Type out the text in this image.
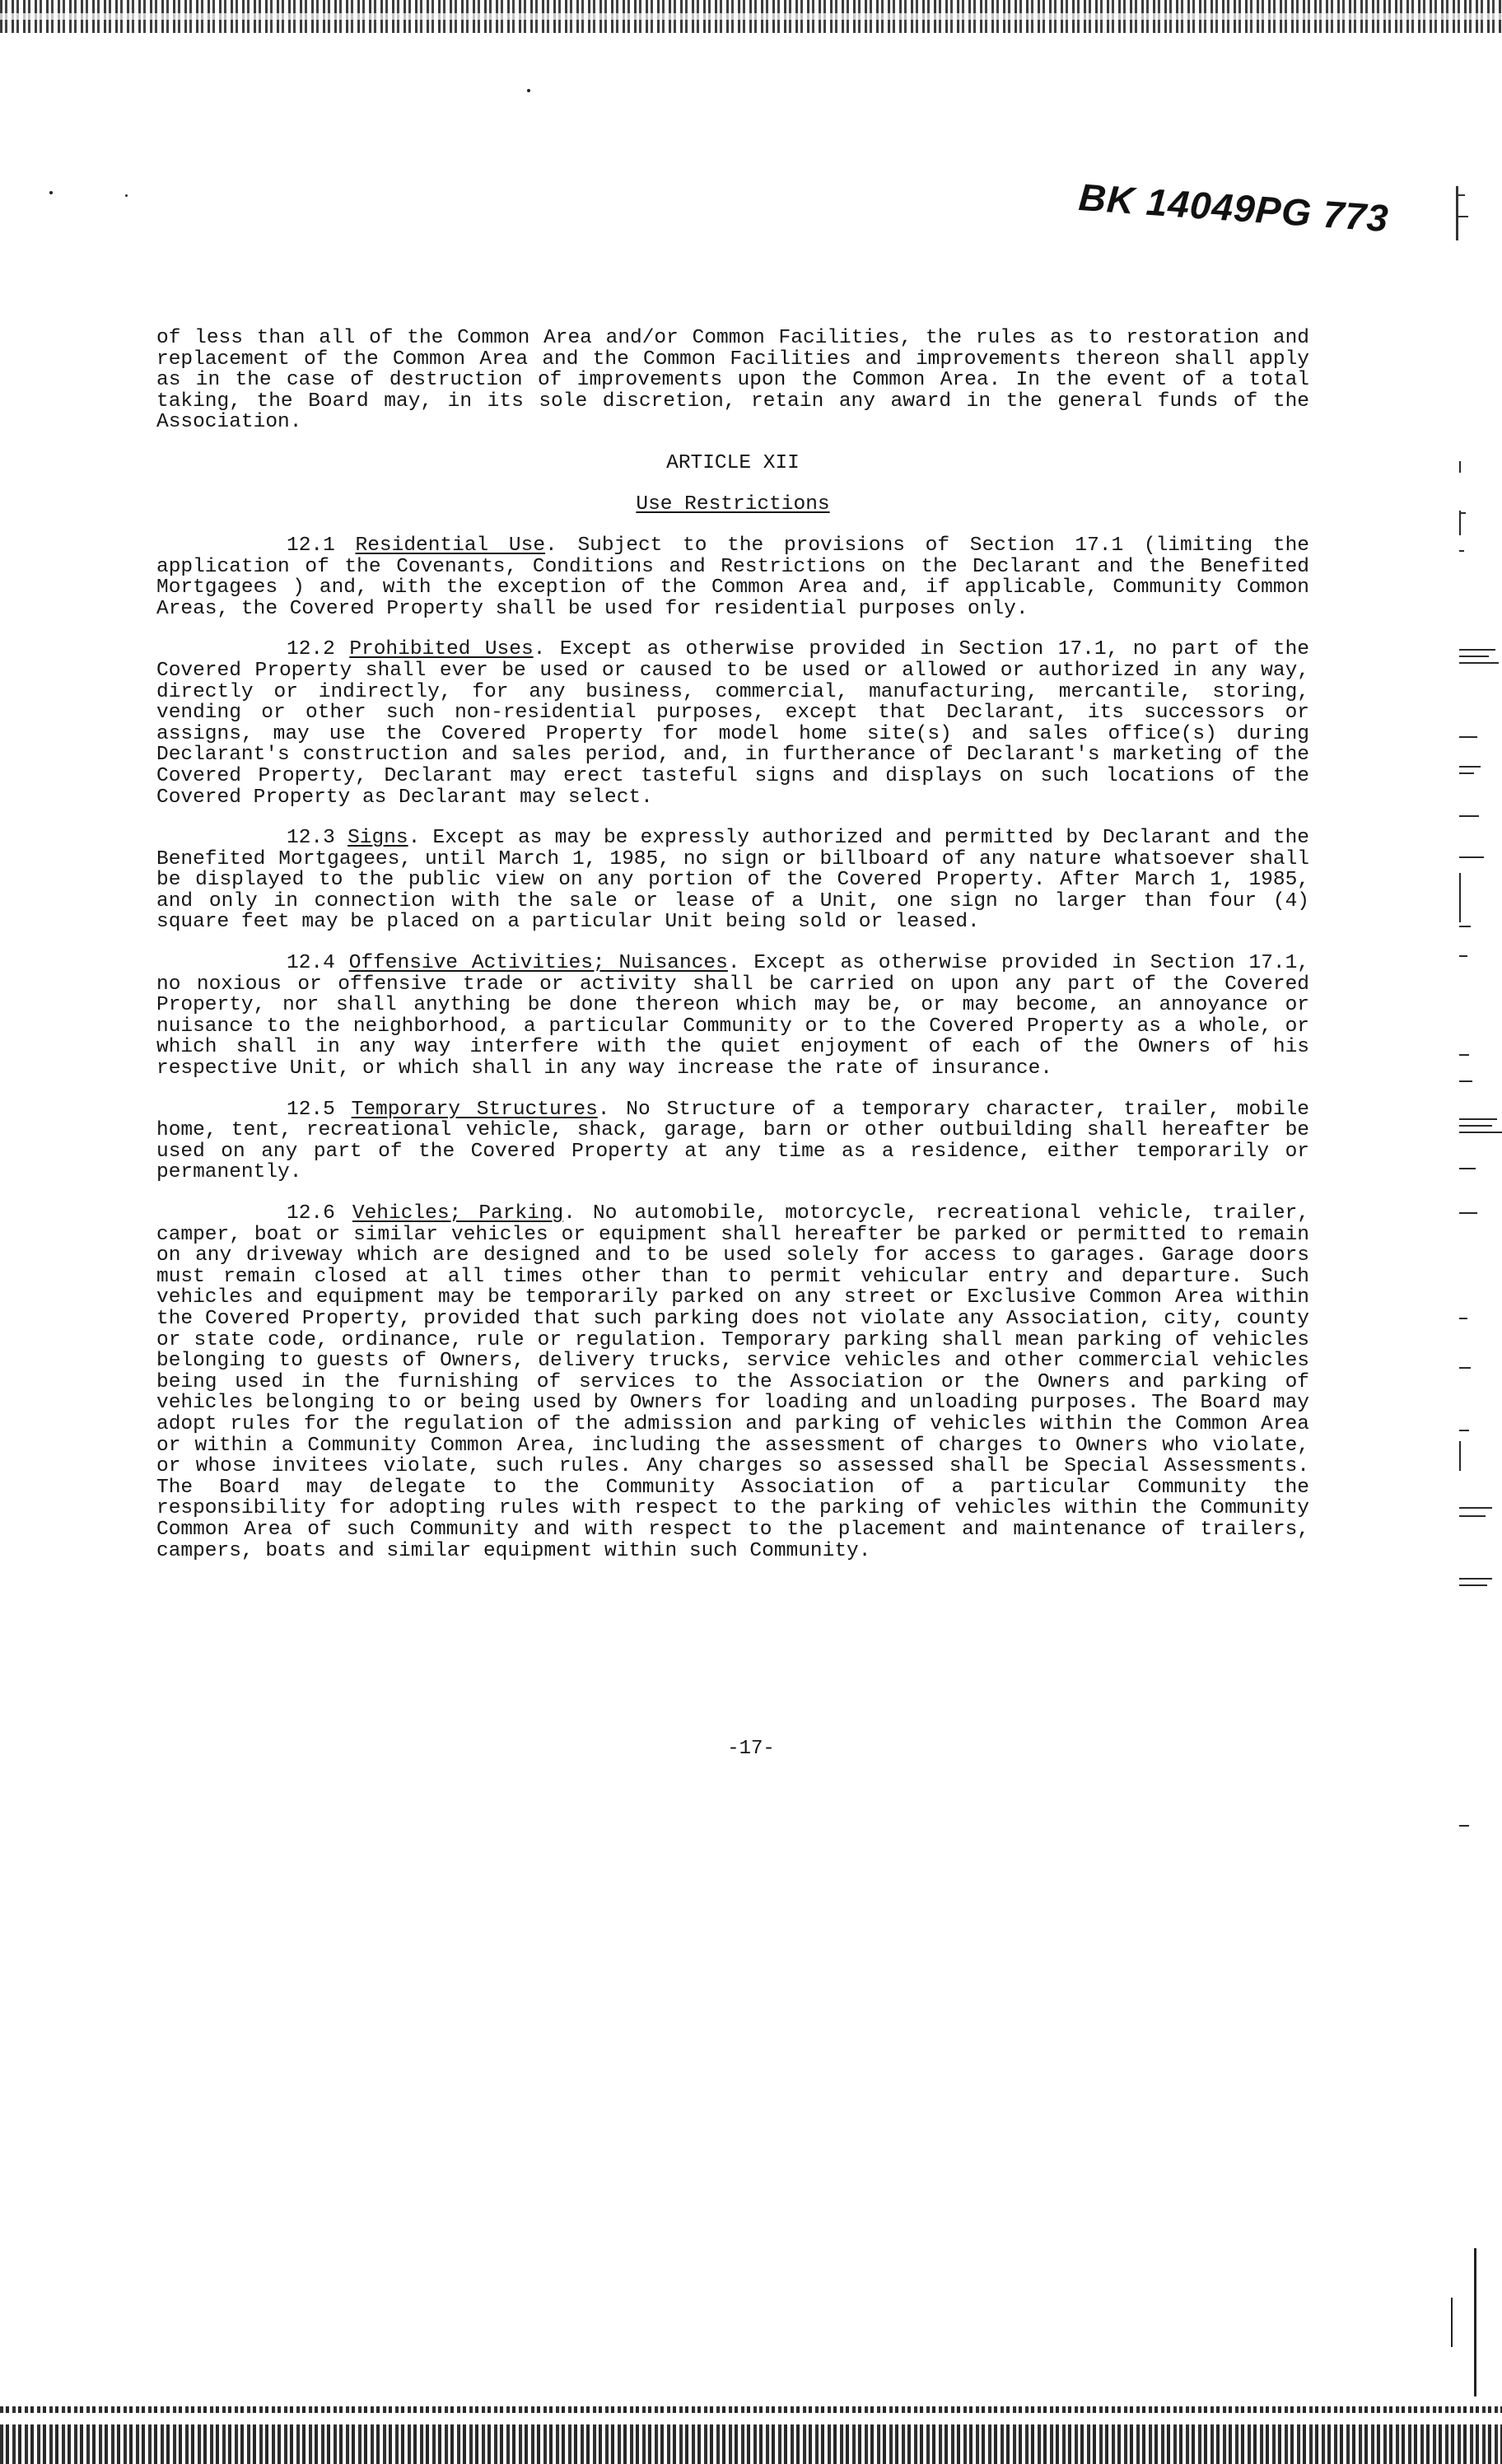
BK 14049PG 773

of less than all of the Common Area and/or Common Facilities, the rules as to restoration and replacement of the Common Area and the Common Facilities and improvements thereon shall apply as in the case of destruction of improvements upon the Common Area. In the event of a total taking, the Board may, in its sole discretion, retain any award in the general funds of the Association.

ARTICLE XII

Use Restrictions

12.1 Residential Use. Subject to the provisions of Section 17.1 (limiting the application of the Covenants, Conditions and Restrictions on the Declarant and the Benefited Mortgagees ) and, with the exception of the Common Area and, if applicable, Community Common Areas, the Covered Property shall be used for residential purposes only.

12.2 Prohibited Uses. Except as otherwise provided in Section 17.1, no part of the Covered Property shall ever be used or caused to be used or allowed or authorized in any way, directly or indirectly, for any business, commercial, manufacturing, mercantile, storing, vending or other such non-residential purposes, except that Declarant, its successors or assigns, may use the Covered Property for model home site(s) and sales office(s) during Declarant's construction and sales period, and, in furtherance of Declarant's marketing of the Covered Property, Declarant may erect tasteful signs and displays on such locations of the Covered Property as Declarant may select.

12.3 Signs. Except as may be expressly authorized and permitted by Declarant and the Benefited Mortgagees, until March 1, 1985, no sign or billboard of any nature whatsoever shall be displayed to the public view on any portion of the Covered Property. After March 1, 1985, and only in connection with the sale or lease of a Unit, one sign no larger than four (4) square feet may be placed on a particular Unit being sold or leased.

12.4 Offensive Activities; Nuisances. Except as otherwise provided in Section 17.1, no noxious or offensive trade or activity shall be carried on upon any part of the Covered Property, nor shall anything be done thereon which may be, or may become, an annoyance or nuisance to the neighborhood, a particular Community or to the Covered Property as a whole, or which shall in any way interfere with the quiet enjoyment of each of the Owners of his respective Unit, or which shall in any way increase the rate of insurance.

12.5 Temporary Structures. No Structure of a temporary character, trailer, mobile home, tent, recreational vehicle, shack, garage, barn or other outbuilding shall hereafter be used on any part of the Covered Property at any time as a residence, either temporarily or permanently.

12.6 Vehicles; Parking. No automobile, motorcycle, recreational vehicle, trailer, camper, boat or similar vehicles or equipment shall hereafter be parked or permitted to remain on any driveway which are designed and to be used solely for access to garages. Garage doors must remain closed at all times other than to permit vehicular entry and departure. Such vehicles and equipment may be temporarily parked on any street or Exclusive Common Area within the Covered Property, provided that such parking does not violate any Association, city, county or state code, ordinance, rule or regulation. Temporary parking shall mean parking of vehicles belonging to guests of Owners, delivery trucks, service vehicles and other commercial vehicles being used in the furnishing of services to the Association or the Owners and parking of vehicles belonging to or being used by Owners for loading and unloading purposes. The Board may adopt rules for the regulation of the admission and parking of vehicles within the Common Area or within a Community Common Area, including the assessment of charges to Owners who violate, or whose invitees violate, such rules. Any charges so assessed shall be Special Assessments. The Board may delegate to the Community Association of a particular Community the responsibility for adopting rules with respect to the parking of vehicles within the Community Common Area of such Community and with respect to the placement and maintenance of trailers, campers, boats and similar equipment within such Community.

-17-
